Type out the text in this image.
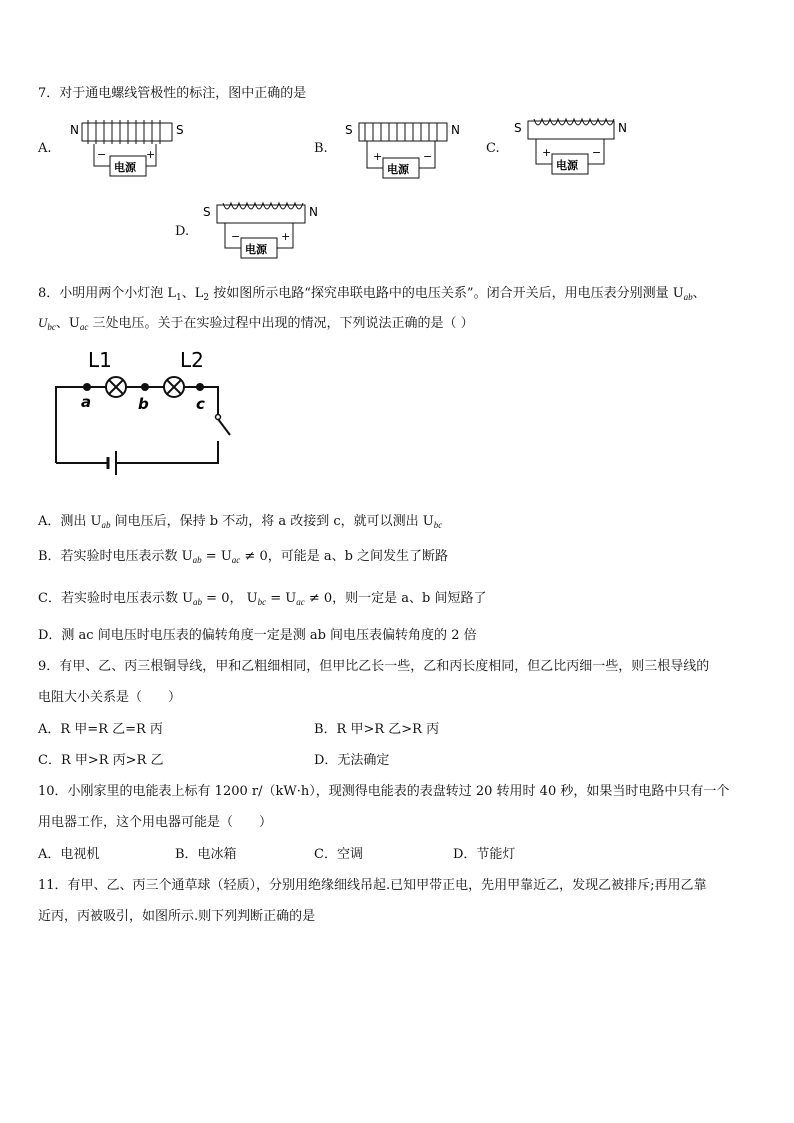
7．对于通电螺线管极性的标注，图中正确的是
A.
N	S
电源
−	+	B.
S	N
电源
+	−
C.
S	N
电源
+	−
D.
S	N
电源
−	+
8．小明用两个小灯泡 $L_1$、$L_2$ 按如图所示电路“探究串联电路中的电压关系”。闭合开关后，用电压表分别测量 $U_{ab}$、
$U_{bc}$、$U_{ac}$ 三处电压。关于在实验过程中出现的情况，下列说法正确的是（ ）
L1	L2
a	b	c
A．测出 $U_{ab}$ 间电压后，保持 b 不动，将 a 改接到 c，就可以测出 $U_{bc}$
B．若实验时电压表示数 $U_{ab} = U_{ac} \ne 0$，可能是 a、b 之间发生了断路
C．若实验时电压表示数 $U_{ab} = 0$， $U_{bc} = U_{ac} \ne 0$，则一定是 a、b 间短路了
D．测 ac 间电压时电压表的偏转角度一定是测 ab 间电压表偏转角度的 2 倍
9．有甲、乙、丙三根铜导线，甲和乙粗细相同，但甲比乙长一些，乙和丙长度相同，但乙比丙细一些，则三根导线的
电阻大小关系是（　　）
A．R 甲=R 乙=R 丙	B．R 甲>R 乙>R 丙
C．R 甲>R 丙>R 乙	D．无法确定
10．小刚家里的电能表上标有 1200 r/（kW·h），现测得电能表的表盘转过 20 转用时 40 秒，如果当时电路中只有一个
用电器工作，这个用电器可能是（　　）
A．电视机	B．电冰箱	C．空调	D．节能灯
11．有甲、乙、丙三个通草球（轻质），分别用绝缘细线吊起.已知甲带正电，先用甲靠近乙，发现乙被排斥;再用乙靠
近丙，丙被吸引，如图所示.则下列判断正确的是
